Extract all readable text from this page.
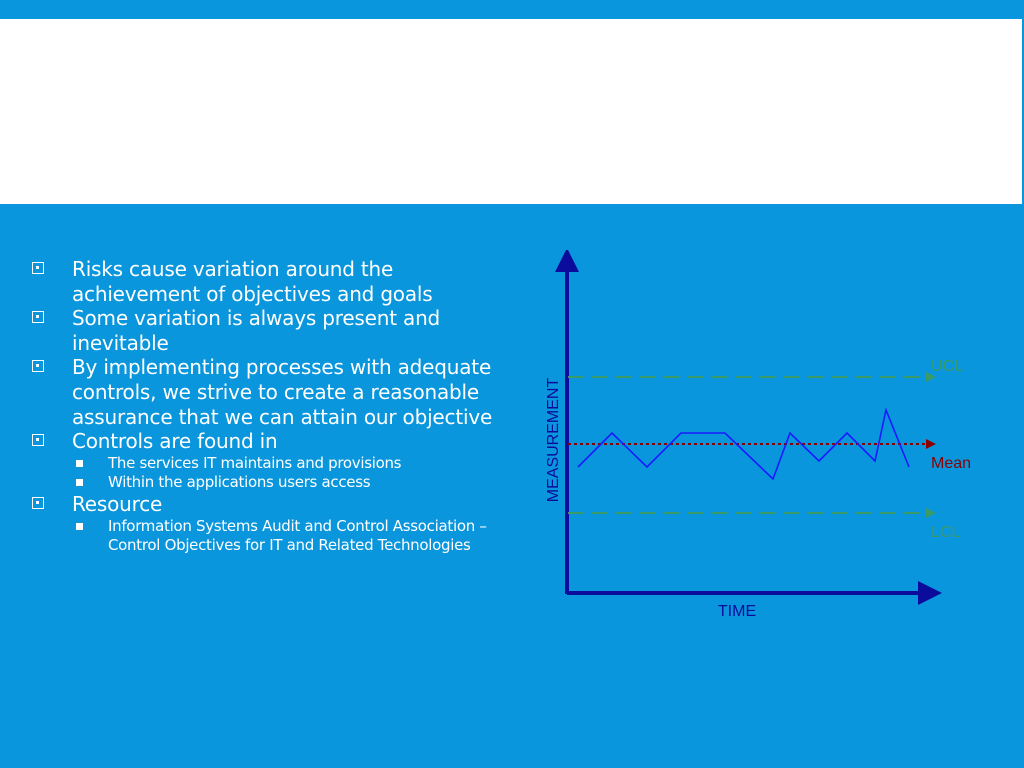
Risks cause variation around the achievement of objectives and goals
Some variation is always present and inevitable
By implementing processes with adequate controls, we strive to create a reasonable assurance that we can attain our objective
Controls are found in
The services IT maintains and provisions
Within the applications users access
Resource
Information Systems Audit and Control Association – Control Objectives for IT and Related Technologies
MEASUREMENT
TIME
UCL
Mean
LCL
